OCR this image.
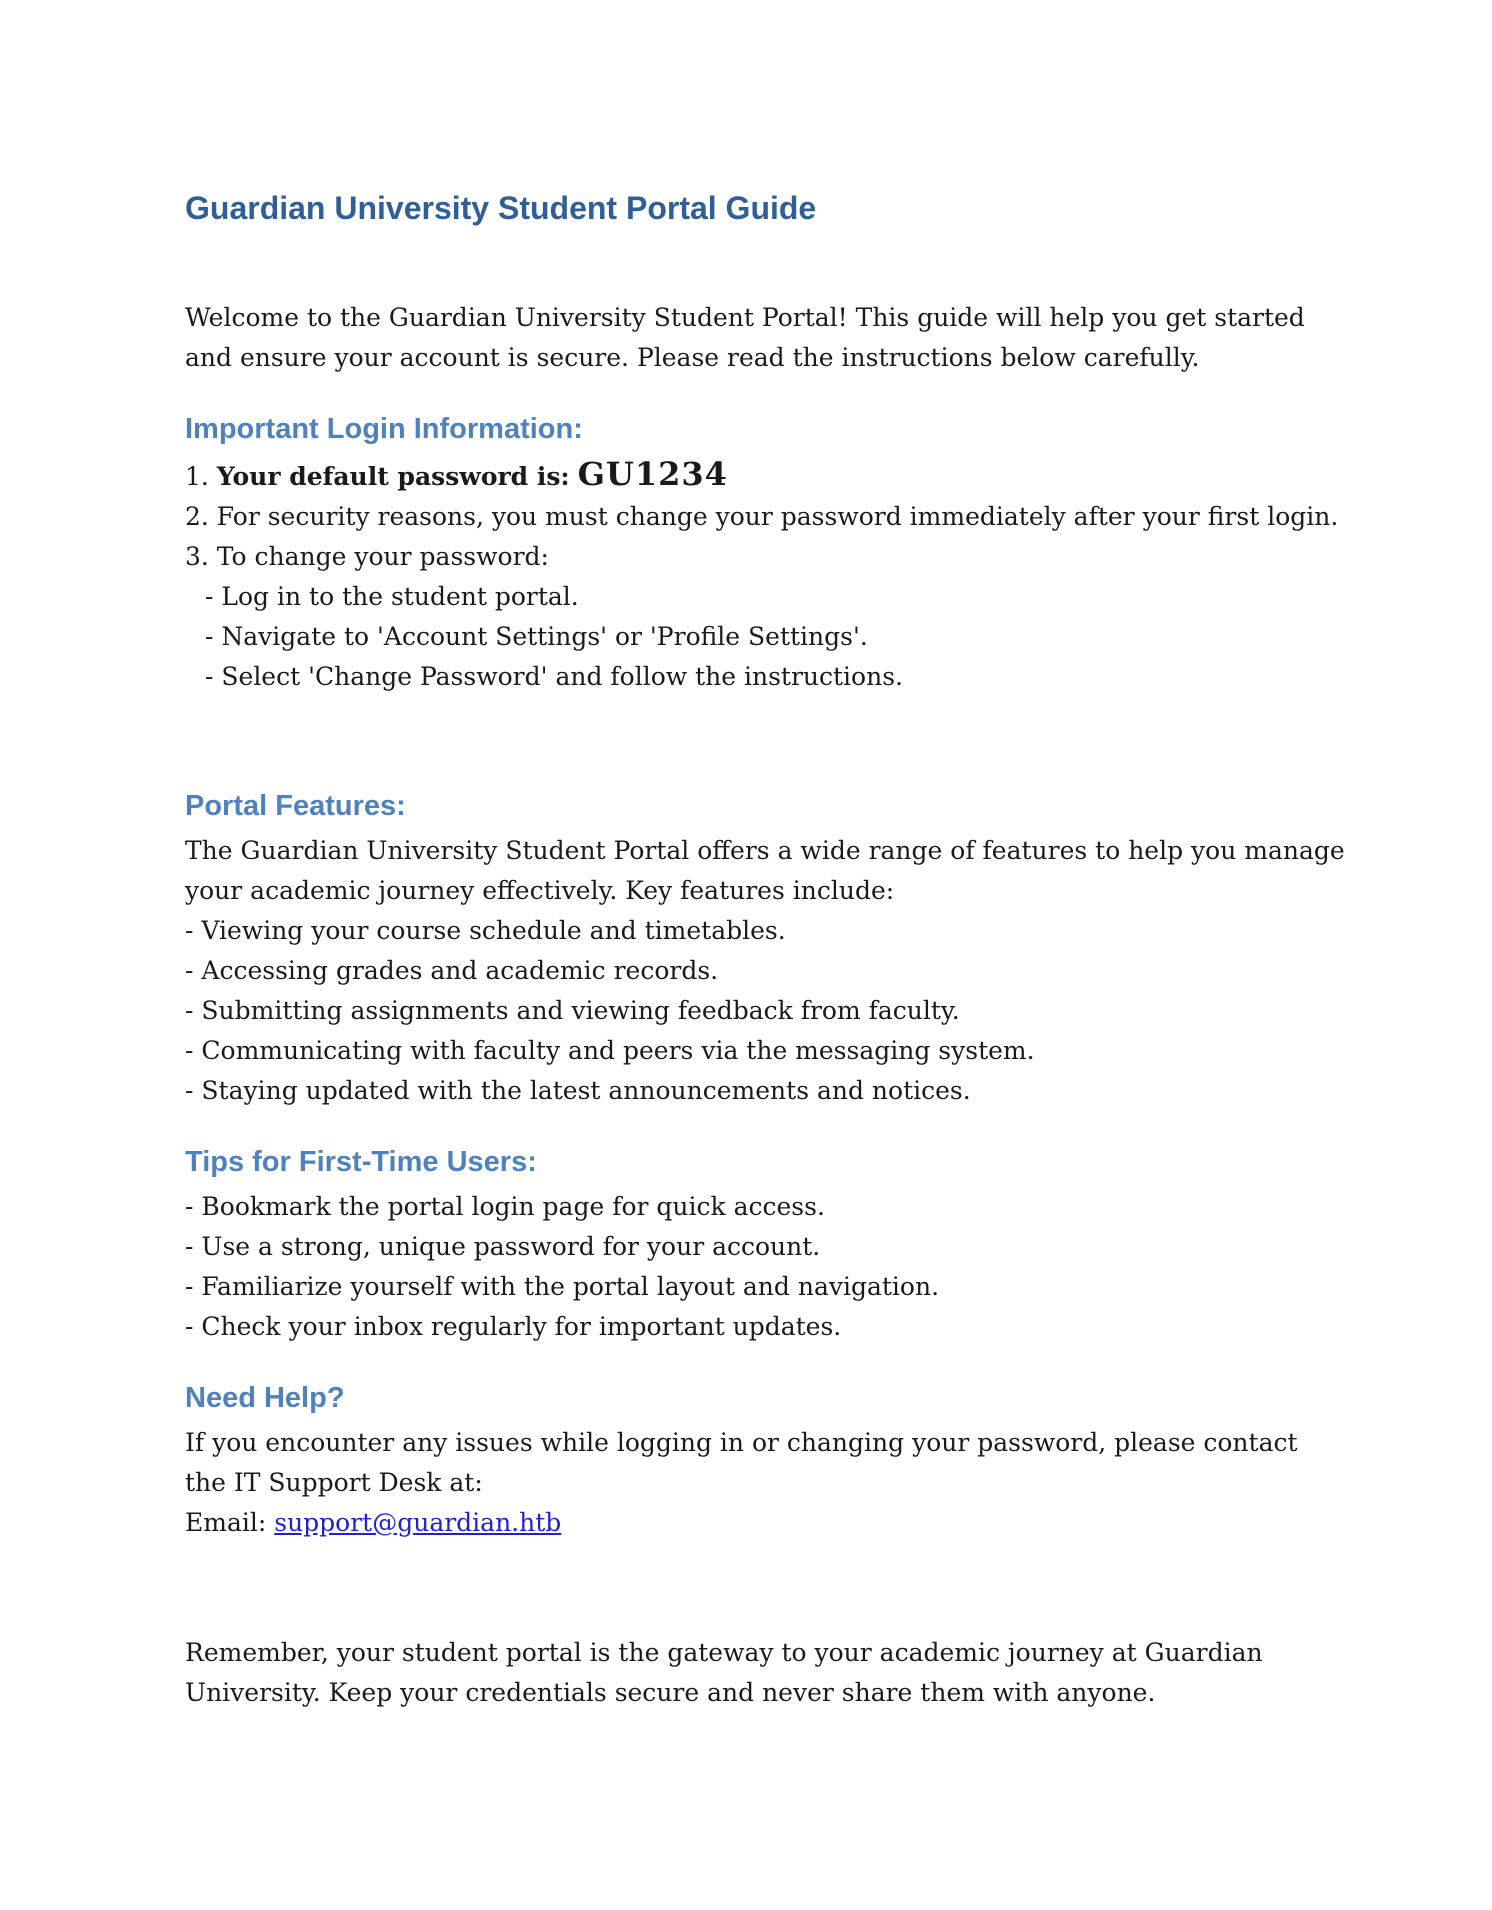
Guardian University Student Portal Guide

Welcome to the Guardian University Student Portal! This guide will help you get started and ensure your account is secure. Please read the instructions below carefully.

Important Login Information:
1. Your default password is: GU1234
2. For security reasons, you must change your password immediately after your first login.
3. To change your password:
- Log in to the student portal.
- Navigate to 'Account Settings' or 'Profile Settings'.
- Select 'Change Password' and follow the instructions.
Portal Features:

The Guardian University Student Portal offers a wide range of features to help you manage your academic journey effectively. Key features include:

- Viewing your course schedule and timetables.
- Accessing grades and academic records.
- Submitting assignments and viewing feedback from faculty.
- Communicating with faculty and peers via the messaging system.
- Staying updated with the latest announcements and notices.
Tips for First-Time Users:
- Bookmark the portal login page for quick access.
- Use a strong, unique password for your account.
- Familiarize yourself with the portal layout and navigation.
- Check your inbox regularly for important updates.
Need Help?

If you encounter any issues while logging in or changing your password, please contact the IT Support Desk at:

Email: support@guardian.htb

Remember, your student portal is the gateway to your academic journey at Guardian University. Keep your credentials secure and never share them with anyone.
